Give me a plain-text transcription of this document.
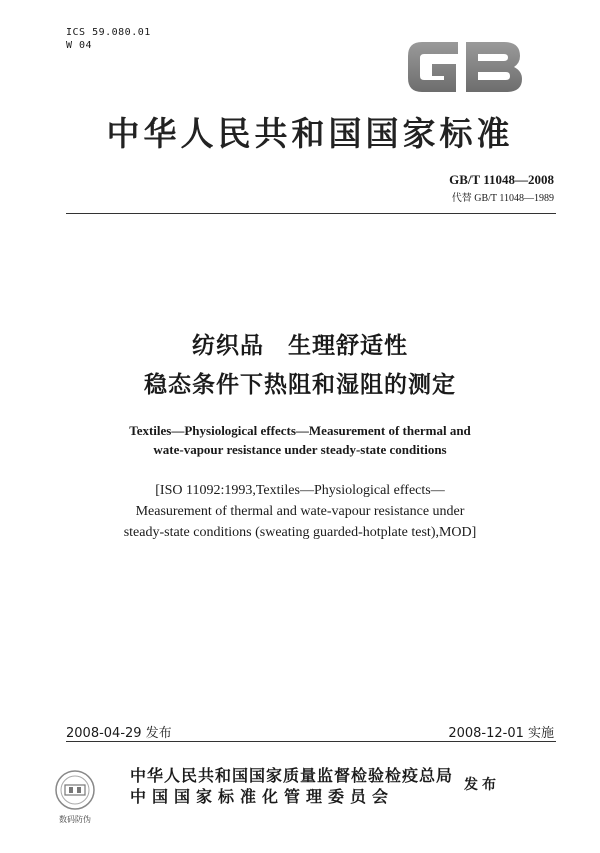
ICS 59.080.01
W 04
中华人民共和国国家标准
GB/T 11048—2008
代替 GB/T 11048—1989
纺织品　生理舒适性
稳态条件下热阻和湿阻的测定
Textiles—Physiological effects—Measurement of thermal and
wate-vapour resistance under steady-state conditions
[ISO 11092:1993,Textiles—Physiological effects—
Measurement of thermal and wate-vapour resistance under
steady-state conditions (sweating guarded-hotplate test),MOD]
2008-04-29 发布	2008-12-01 实施
数码防伪
中华人民共和国国家质量监督检验检疫总局
中国国家标准化管理委员会
发布
